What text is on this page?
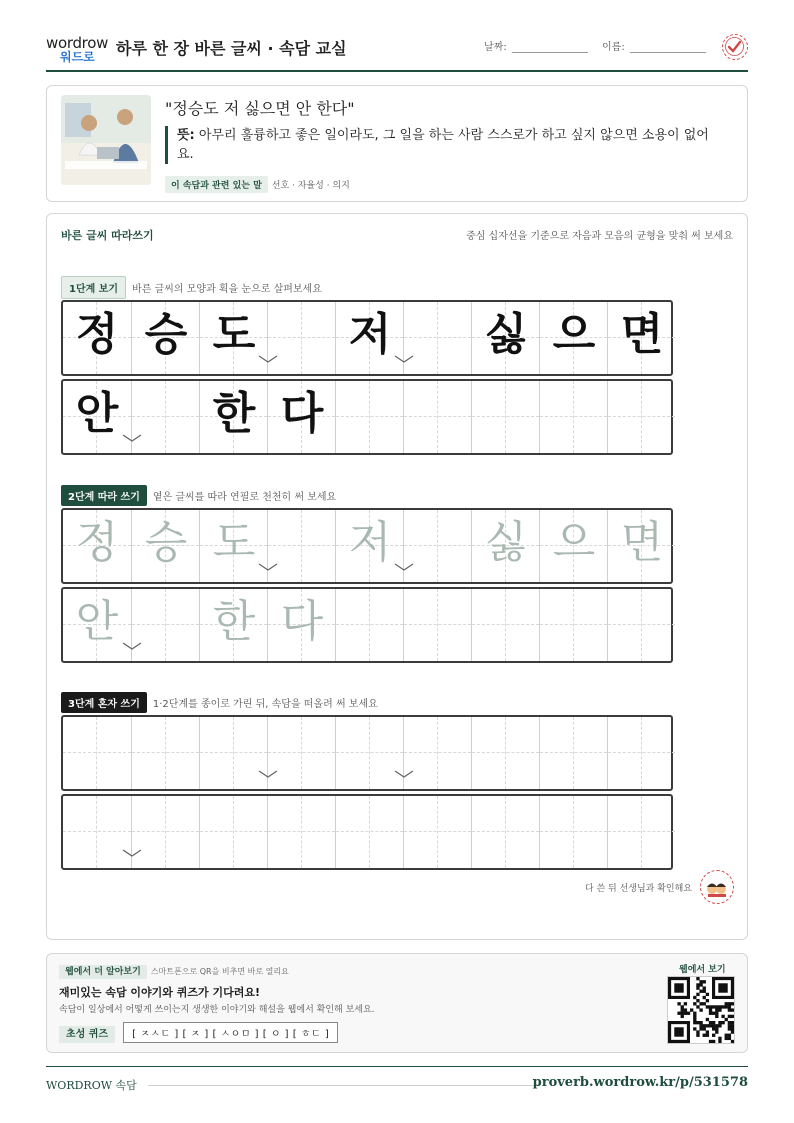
wordrow
워드로 하루 한 장 바른 글씨 · 속담 교실	날짜:	이름:
"정승도 저 싫으면 안 한다"
뜻: 아무리 훌륭하고 좋은 일이라도, 그 일을 하는 사람 스스로가 하고 싶지 않으면 소용이 없어요.
이 속담과 관련 있는 말 선호 · 자율성 · 의지
바른 글씨 따라쓰기	중심 십자선을 기준으로 자음과 모음의 균형을 맞춰 써 보세요
1단계 보기 바른 글씨의 모양과 획을 눈으로 살펴보세요
정 승 도 저 싫 으 면
안 한 다
2단계 따라 쓰기 옅은 글씨를 따라 연필로 천천히 써 보세요
정 승 도 저 싫 으 면
안 한 다
3단계 혼자 쓰기 1·2단계를 종이로 가린 뒤, 속담을 떠올려 써 보세요
다 쓴 뒤 선생님과 확인해요
웹에서 더 알아보기 스마트폰으로 QR을 비추면 바로 열리요
재미있는 속담 이야기와 퀴즈가 기다려요!
속담이 일상에서 어떻게 쓰이는지 생생한 이야기와 해설을 웹에서 확인해 보세요.
초성 퀴즈 [ ㅈㅅㄷ ] [ ㅈ ] [ ㅅㅇㅁ ] [ ㅇ ] [ ㅎㄷ ]
웹에서 보기
WORDROW 속담	proverb.wordrow.kr/p/531578
